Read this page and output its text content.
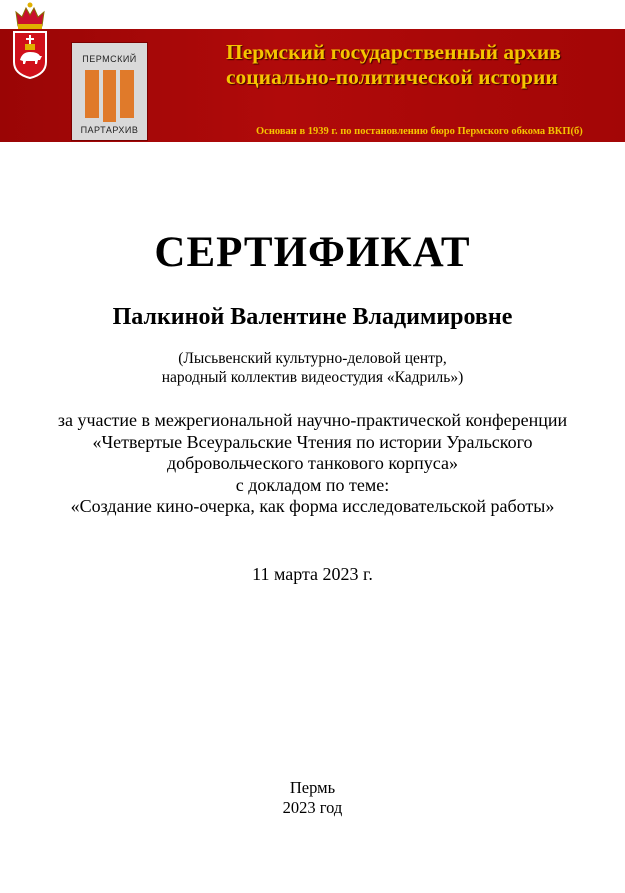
ПЕРМСКИЙ
ПАРТАРХИВ
Пермский государственный архив
социально-политической истории
Основан в 1939 г. по постановлению бюро Пермского обкома ВКП(б)
СЕРТИФИКАТ
Палкиной Валентине Владимировне
(Лысьвенский культурно-деловой центр,
народный коллектив видеостудия «Кадриль»)
за участие в межрегиональной научно-практической конференции
«Четвертые Всеуральские Чтения по истории Уральского
добровольческого танкового корпуса»
с докладом по теме:
«Создание кино-очерка, как форма исследовательской работы»
11 марта 2023 г.
Пермь
2023 год
